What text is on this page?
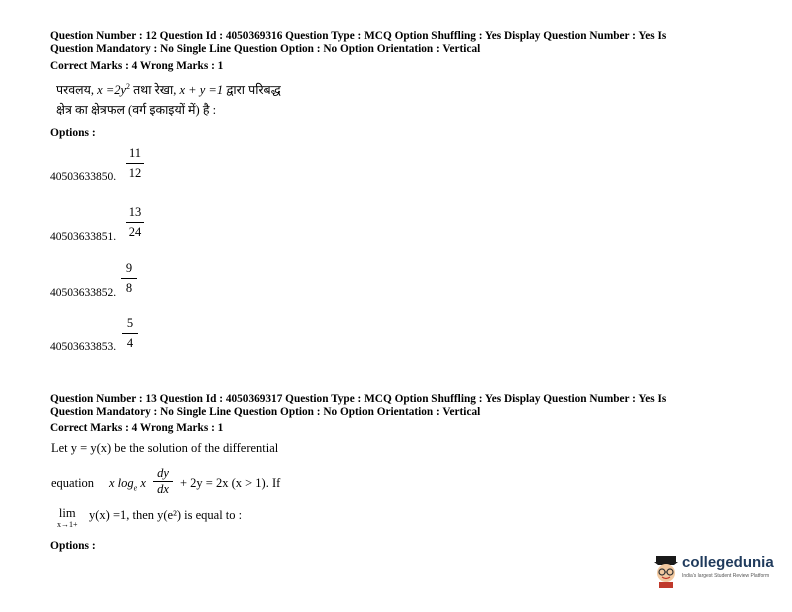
Question Number : 12 Question Id : 4050369316 Question Type : MCQ Option Shuffling : Yes Display Question Number : Yes Is
Question Mandatory : No Single Line Question Option : No Option Orientation : Vertical
Correct Marks : 4 Wrong Marks : 1
परवलय, $x =2y^2$ तथा रेखा, x + y =1 द्वारा परिबद्ध
क्षेत्र का क्षेत्रफल (वर्ग इकाइयों में) है :
Options :
11
12
40503633850.
13
24
40503633851.
9
8
40503633852.
5
4
40503633853.
Question Number : 13 Question Id : 4050369317 Question Type : MCQ Option Shuffling : Yes Display Question Number : Yes Is
Question Mandatory : No Single Line Question Option : No Option Orientation : Vertical
Correct Marks : 4 Wrong Marks : 1
Let y = y(x) be the solution of the differential
equation x $\log_e x$
dy
dx + 2y = 2x (x > 1). If
lim
x→1+
y(x) =1, then y(e²) is equal to :
Options :
collegedunia
India's largest Student Review Platform
